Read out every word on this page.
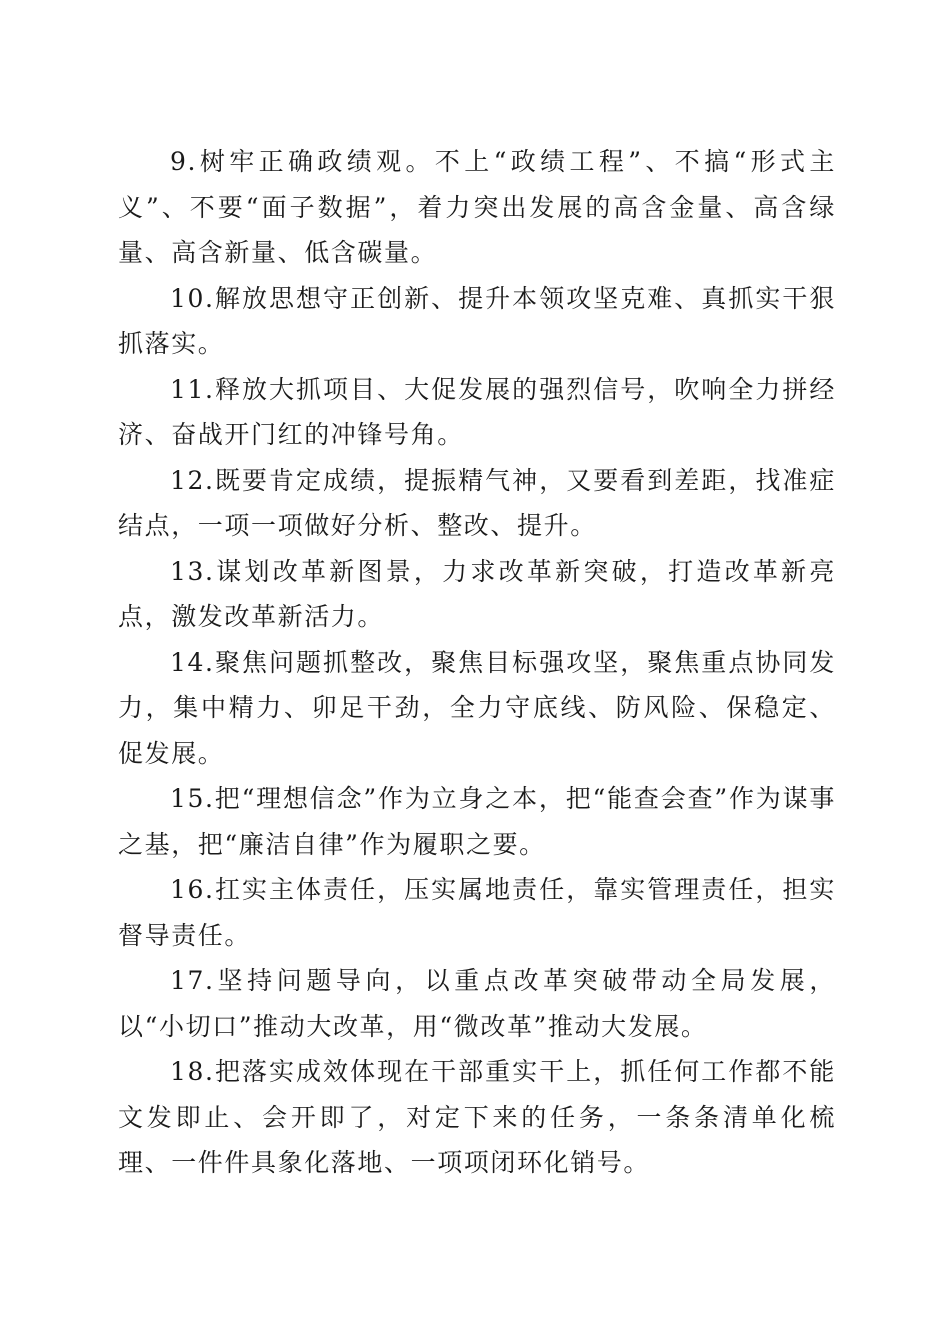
9.树牢正确政绩观。不上“政绩工程”、不搞“形式主义”、不要“面子数据”，着力突出发展的高含金量、高含绿量、高含新量、低含碳量。

10.解放思想守正创新、提升本领攻坚克难、真抓实干狠抓落实。

11.释放大抓项目、大促发展的强烈信号，吹响全力拼经济、奋战开门红的冲锋号角。

12.既要肯定成绩，提振精气神，又要看到差距，找准症结点，一项一项做好分析、整改、提升。

13.谋划改革新图景，力求改革新突破，打造改革新亮点，激发改革新活力。

14.聚焦问题抓整改，聚焦目标强攻坚，聚焦重点协同发力，集中精力、卯足干劲，全力守底线、防风险、保稳定、促发展。

15.把“理想信念”作为立身之本，把“能查会查”作为谋事之基，把“廉洁自律”作为履职之要。

16.扛实主体责任，压实属地责任，靠实管理责任，担实督导责任。

17.坚持问题导向，以重点改革突破带动全局发展，以“小切口”推动大改革，用“微改革”推动大发展。

18.把落实成效体现在干部重实干上，抓任何工作都不能文发即止、会开即了，对定下来的任务，一条条清单化梳理、一件件具象化落地、一项项闭环化销号。
